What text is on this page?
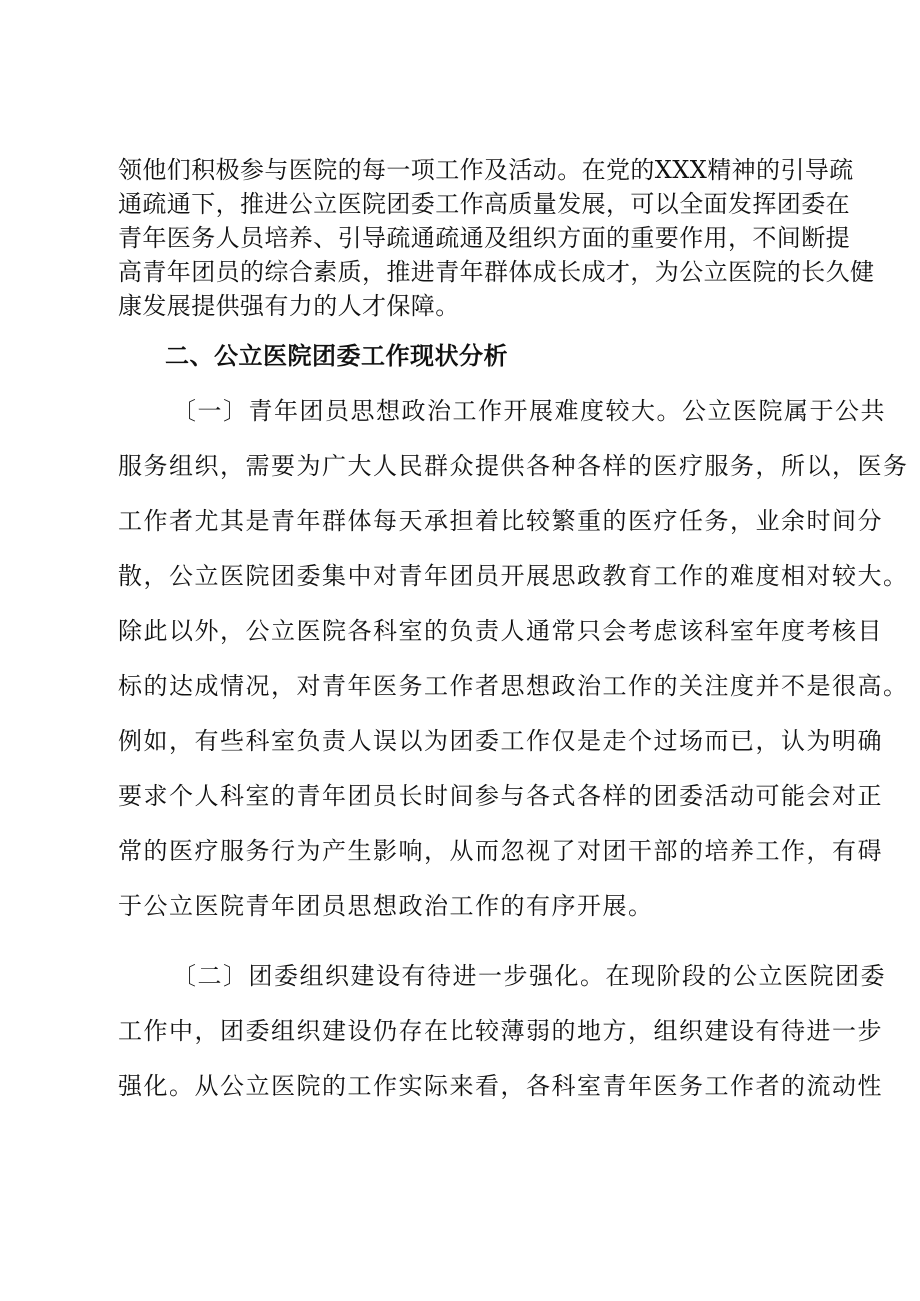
领他们积极参与医院的每一项工作及活动。在党的XXX精神的引导疏
通疏通下，推进公立医院团委工作高质量发展，可以全面发挥团委在
青年医务人员培养、引导疏通疏通及组织方面的重要作用，不间断提
高青年团员的综合素质，推进青年群体成长成才，为公立医院的长久健
康发展提供强有力的人才保障。
二、公立医院团委工作现状分析
〔一〕青年团员思想政治工作开展难度较大。公立医院属于公共
服务组织，需要为广大人民群众提供各种各样的医疗服务，所以，医务
工作者尤其是青年群体每天承担着比较繁重的医疗任务，业余时间分
散，公立医院团委集中对青年团员开展思政教育工作的难度相对较大。
除此以外，公立医院各科室的负责人通常只会考虑该科室年度考核目
标的达成情况，对青年医务工作者思想政治工作的关注度并不是很高。
例如，有些科室负责人误以为团委工作仅是走个过场而已，认为明确
要求个人科室的青年团员长时间参与各式各样的团委活动可能会对正
常的医疗服务行为产生影响，从而忽视了对团干部的培养工作，有碍
于公立医院青年团员思想政治工作的有序开展。
〔二〕团委组织建设有待进一步强化。在现阶段的公立医院团委
工作中，团委组织建设仍存在比较薄弱的地方，组织建设有待进一步
强化。从公立医院的工作实际来看，各科室青年医务工作者的流动性
